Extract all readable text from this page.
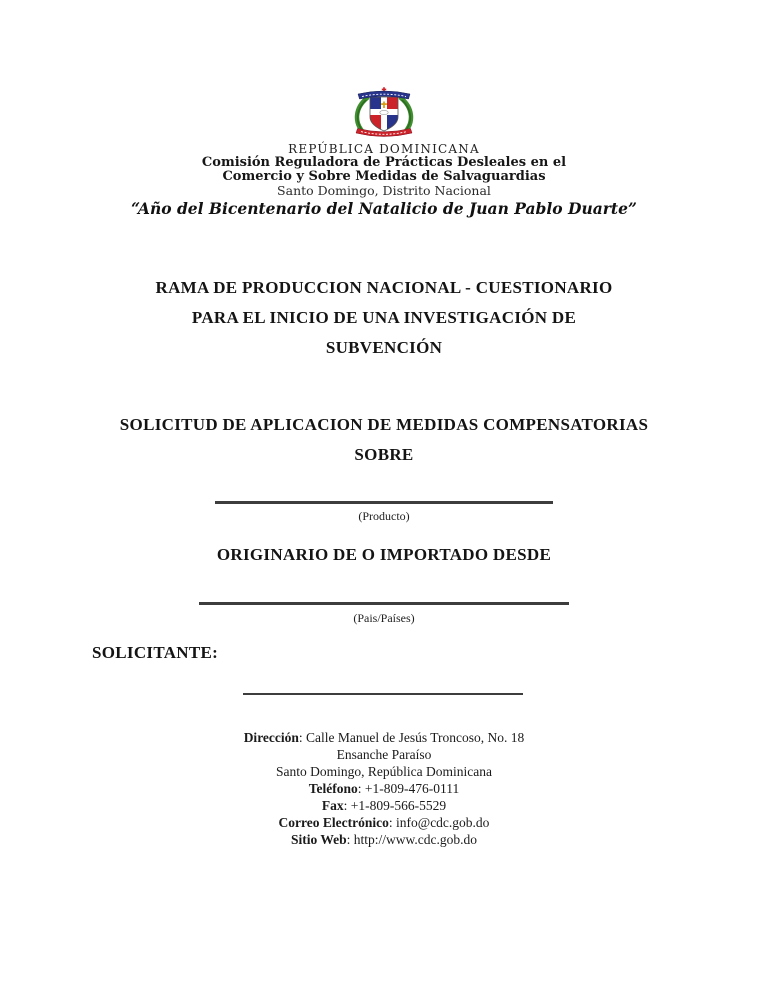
REPÚBLICA DOMINICANA
Comisión Reguladora de Prácticas Desleales en el
Comercio y Sobre Medidas de Salvaguardias
Santo Domingo, Distrito Nacional
“Año del Bicentenario del Natalicio de Juan Pablo Duarte”
RAMA DE PRODUCCION NACIONAL - CUESTIONARIO
PARA EL INICIO DE UNA INVESTIGACIÓN DE
SUBVENCIÓN
SOLICITUD DE APLICACION DE MEDIDAS COMPENSATORIAS
SOBRE
(Producto)
ORIGINARIO DE O IMPORTADO DESDE
(Pais/Países)
SOLICITANTE:
Dirección: Calle Manuel de Jesús Troncoso, No. 18
Ensanche Paraíso
Santo Domingo, República Dominicana
Teléfono: +1-809-476-0111
Fax: +1-809-566-5529
Correo Electrónico: info@cdc.gob.do
Sitio Web: http://www.cdc.gob.do
